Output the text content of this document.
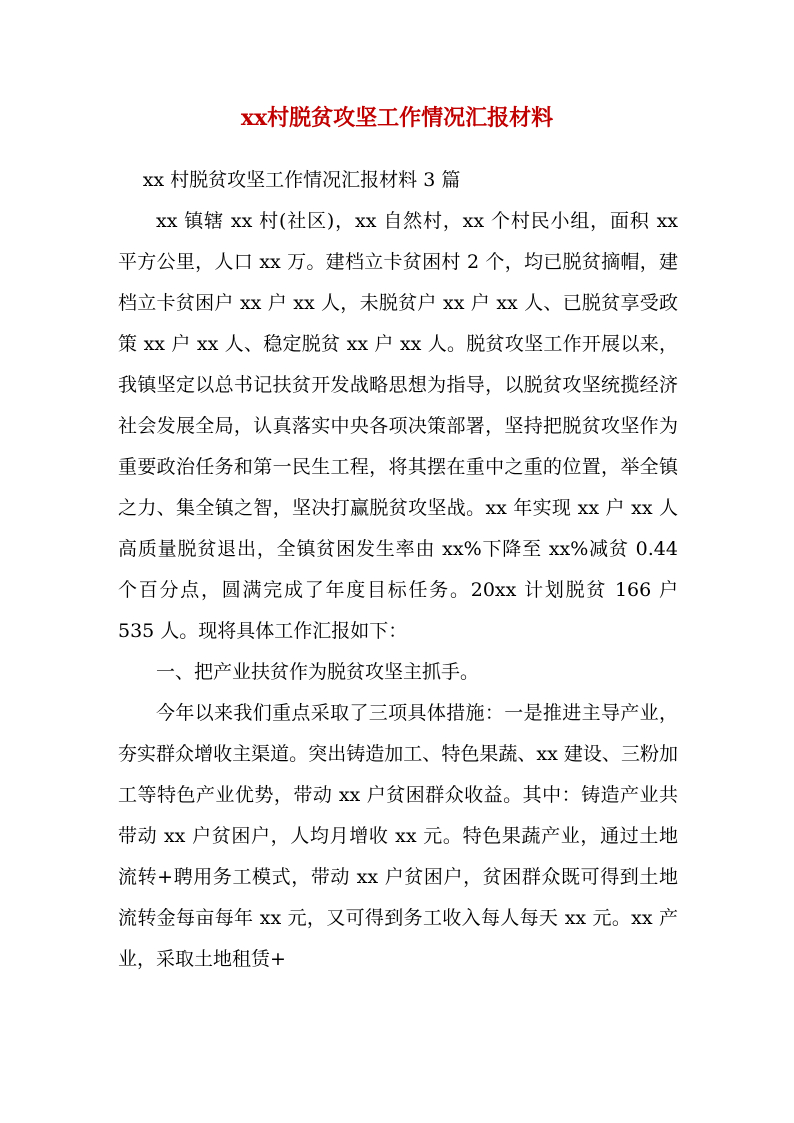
xx村脱贫攻坚工作情况汇报材料

xx 村脱贫攻坚工作情况汇报材料 3 篇

xx 镇辖 xx 村(社区)，xx 自然村，xx 个村民小组，面积 xx 平方公里，人口 xx 万。建档立卡贫困村 2 个，均已脱贫摘帽，建档立卡贫困户 xx 户 xx 人，未脱贫户 xx 户 xx 人、已脱贫享受政策 xx 户 xx 人、稳定脱贫 xx 户 xx 人。脱贫攻坚工作开展以来，我镇坚定以总书记扶贫开发战略思想为指导，以脱贫攻坚统揽经济社会发展全局，认真落实中央各项决策部署，坚持把脱贫攻坚作为重要政治任务和第一民生工程，将其摆在重中之重的位置，举全镇之力、集全镇之智，坚决打赢脱贫攻坚战。xx 年实现 xx 户 xx 人高质量脱贫退出，全镇贫困发生率由 xx%下降至 xx%减贫 0.44 个百分点，圆满完成了年度目标任务。20xx 计划脱贫 166 户 535 人。现将具体工作汇报如下：

一、把产业扶贫作为脱贫攻坚主抓手。

今年以来我们重点采取了三项具体措施：一是推进主导产业，夯实群众增收主渠道。突出铸造加工、特色果蔬、xx 建设、三粉加工等特色产业优势，带动 xx 户贫困群众收益。其中：铸造产业共带动 xx 户贫困户，人均月增收 xx 元。特色果蔬产业，通过土地流转+聘用务工模式，带动 xx 户贫困户，贫困群众既可得到土地流转金每亩每年 xx 元，又可得到务工收入每人每天 xx 元。xx 产业，采取土地租赁+
